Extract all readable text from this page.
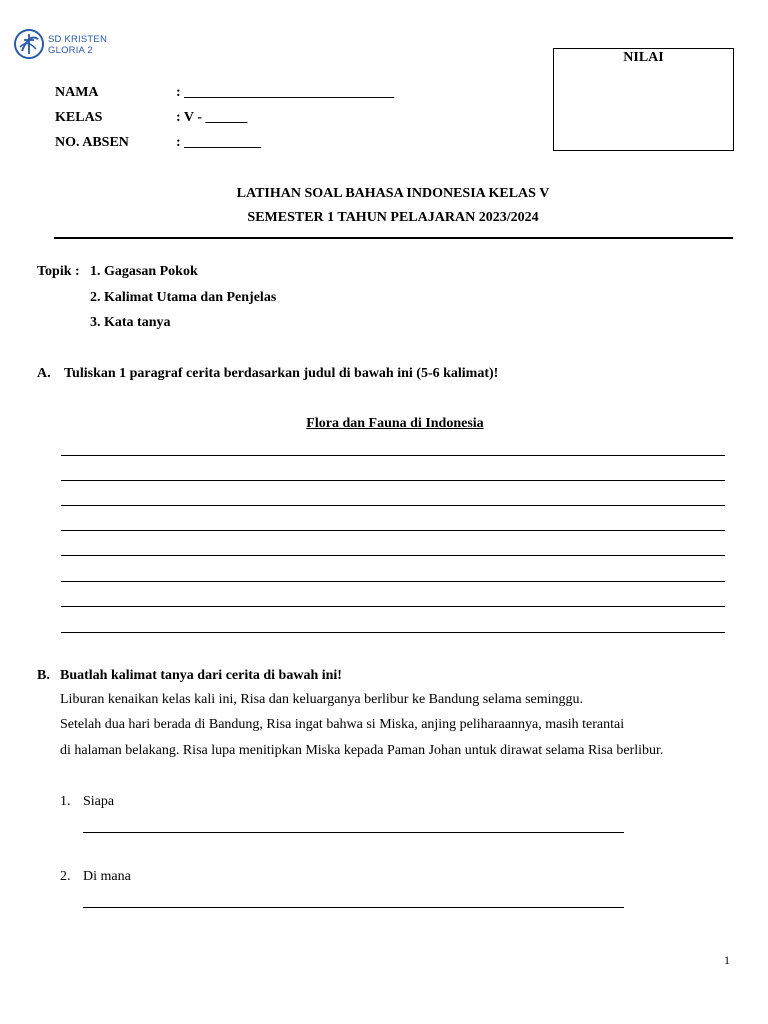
SD KRISTEN
GLORIA 2	NILAI
NAMA	: ______________________________
KELAS	: V - ______
NO. ABSEN	: ___________
LATIHAN SOAL BAHASA INDONESIA KELAS V
SEMESTER 1 TAHUN PELAJARAN 2023/2024
Topik : 1. Gagasan Pokok
2. Kalimat Utama dan Penjelas
3. Kata tanya
A. Tuliskan 1 paragraf cerita berdasarkan judul di bawah ini (5-6 kalimat)!
Flora dan Fauna di Indonesia
B. Buatlah kalimat tanya dari cerita di bawah ini!
Liburan kenaikan kelas kali ini, Risa dan keluarganya berlibur ke Bandung selama seminggu.
Setelah dua hari berada di Bandung, Risa ingat bahwa si Miska, anjing peliharaannya, masih terantai
di halaman belakang. Risa lupa menitipkan Miska kepada Paman Johan untuk dirawat selama Risa berlibur.
1. Siapa
2. Di mana
1
